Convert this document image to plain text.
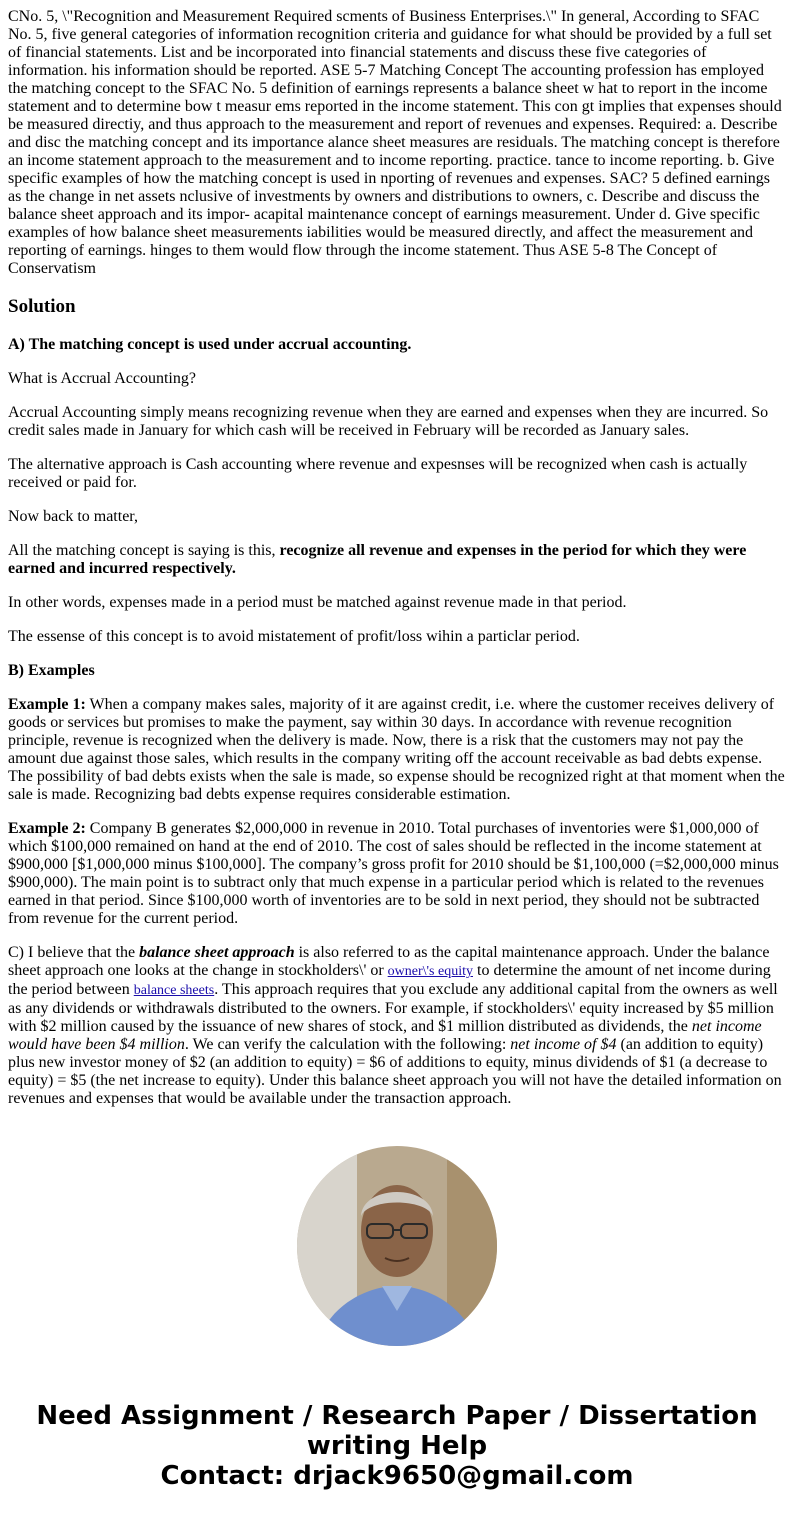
CNo. 5, \"Recognition and Measurement Required scments of Business Enterprises.\" In general, According to SFAC No. 5, five general categories of information recognition criteria and guidance for what should be provided by a full set of financial statements. List and be incorporated into financial statements and discuss these five categories of information. his information should be reported. ASE 5-7 Matching Concept The accounting profession has employed the matching concept to the SFAC No. 5 definition of earnings represents a balance sheet w hat to report in the income statement and to determine bow t measur ems reported in the income statement. This con gt implies that expenses should be measured directiy, and thus approach to the measurement and report of revenues and expenses. Required: a. Describe and disc the matching concept and its importance alance sheet measures are residuals. The matching concept is therefore an income statement approach to the measurement and to income reporting. practice. tance to income reporting. b. Give specific examples of how the matching concept is used in nporting of revenues and expenses. SAC? 5 defined earnings as the change in net assets nclusive of investments by owners and distributions to owners, c. Describe and discuss the balance sheet approach and its impor- acapital maintenance concept of earnings measurement. Under d. Give specific examples of how balance sheet measurements iabilities would be measured directly, and affect the measurement and reporting of earnings. hinges to them would flow through the income statement. Thus ASE 5-8 The Concept of Conservatism

Solution

A) The matching concept is used under accrual accounting.

What is Accrual Accounting?

Accrual Accounting simply means recognizing revenue when they are earned and expenses when they are incurred. So credit sales made in January for which cash will be received in February will be recorded as January sales.

The alternative approach is Cash accounting where revenue and expesnses will be recognized when cash is actually received or paid for.

Now back to matter,

All the matching concept is saying is this, recognize all revenue and expenses in the period for which they were earned and incurred respectively.

In other words, expenses made in a period must be matched against revenue made in that period.

The essense of this concept is to avoid mistatement of profit/loss wihin a particlar period.

B) Examples

Example 1: When a company makes sales, majority of it are against credit, i.e. where the customer receives delivery of goods or services but promises to make the payment, say within 30 days. In accordance with revenue recognition principle, revenue is recognized when the delivery is made. Now, there is a risk that the customers may not pay the amount due against those sales, which results in the company writing off the account receivable as bad debts expense. The possibility of bad debts exists when the sale is made, so expense should be recognized right at that moment when the sale is made. Recognizing bad debts expense requires considerable estimation.

Example 2: Company B generates $2,000,000 in revenue in 2010. Total purchases of inventories were $1,000,000 of which $100,000 remained on hand at the end of 2010. The cost of sales should be reflected in the income statement at $900,000 [$1,000,000 minus $100,000]. The company’s gross profit for 2010 should be $1,100,000 (=$2,000,000 minus $900,000). The main point is to subtract only that much expense in a particular period which is related to the revenues earned in that period. Since $100,000 worth of inventories are to be sold in next period, they should not be subtracted from revenue for the current period.

C) I believe that the balance sheet approach is also referred to as the capital maintenance approach. Under the balance sheet approach one looks at the change in stockholders\' or owner\'s equity to determine the amount of net income during the period between balance sheets. This approach requires that you exclude any additional capital from the owners as well as any dividends or withdrawals distributed to the owners. For example, if stockholders\' equity increased by $5 million with $2 million caused by the issuance of new shares of stock, and $1 million distributed as dividends, the net income would have been $4 million. We can verify the calculation with the following: net income of $4 (an addition to equity) plus new investor money of $2 (an addition to equity) = $6 of additions to equity, minus dividends of $1 (a decrease to equity) = $5 (the net increase to equity). Under this balance sheet approach you will not have the detailed information on revenues and expenses that would be available under the transaction approach.

Need Assignment / Research Paper / Dissertation
writing Help
Contact: drjack9650@gmail.com
